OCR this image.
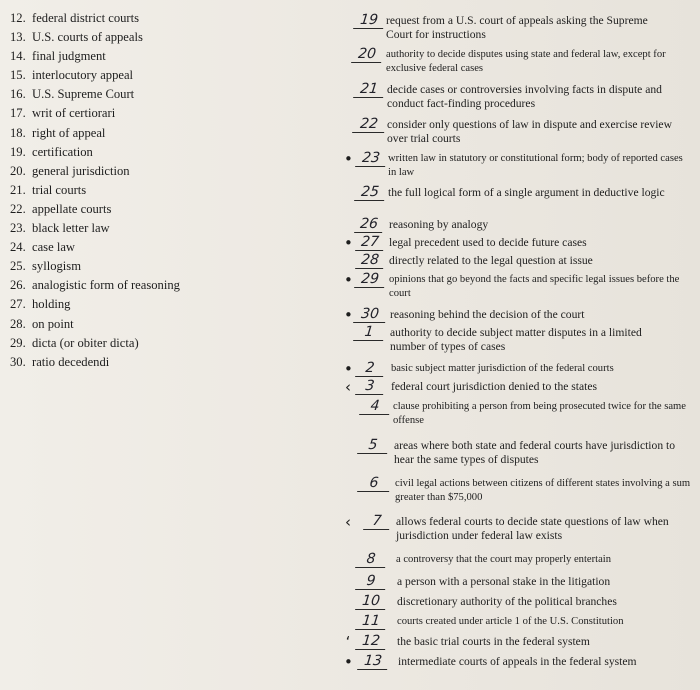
12. federal district courts
13. U.S. courts of appeals
14. final judgment
15. interlocutory appeal
16. U.S. Supreme Court
17. writ of certiorari
18. right of appeal
19. certification
20. general jurisdiction
21. trial courts
22. appellate courts
23. black letter law
24. case law
25. syllogism
26. analogistic form of reasoning
27. holding
28. on point
29. dicta (or obiter dicta)
30. ratio decedendi
19 request from a U.S. court of appeals asking the Supreme Court for instructions
20 authority to decide disputes using state and federal law, except for exclusive federal cases
21 decide cases or controversies involving facts in dispute and conduct fact-finding procedures
22 consider only questions of law in dispute and exercise review over trial courts
• 23 written law in statutory or constitutional form; body of reported cases in law
25 the full logical form of a single argument in deductive logic
26 reasoning by analogy
• 27 legal precedent used to decide future cases
28 directly related to the legal question at issue
• 29 opinions that go beyond the facts and specific legal issues before the court
• 30 reasoning behind the decision of the court
1	authority to decide subject matter disputes in a limited number of types of cases
• 2	basic subject matter jurisdiction of the federal courts
‹ 3	federal court jurisdiction denied to the states
4	clause prohibiting a person from being prosecuted twice for the same offense
5	areas where both state and federal courts have jurisdiction to hear the same types of disputes
6	civil legal actions between citizens of different states involving a sum greater than $75,000
‹	7	allows federal courts to decide state questions of law when jurisdiction under federal law exists
8	a controversy that the court may properly entertain
9	a person with a personal stake in the litigation
10	discretionary authority of the political branches
11	courts created under article 1 of the U.S. Constitution
‘ 12	the basic trial courts in the federal system
• 13	intermediate courts of appeals in the federal system
